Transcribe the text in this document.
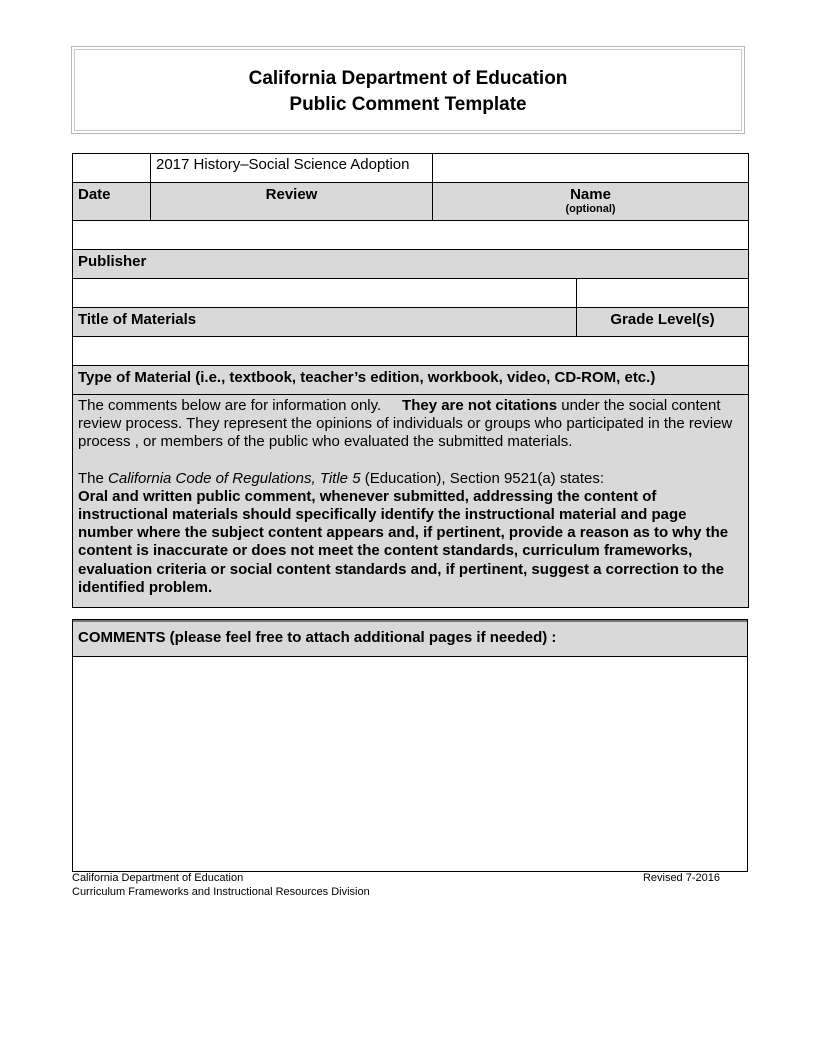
California Department of Education
Public Comment Template
	2017 History–Social Science Adoption		
Date	Review	Name
(optional)	

Publisher			

Title of Materials			Grade Level(s)

Type of Material (i.e., textbook, teacher’s edition, workbook, video, CD-ROM, etc.)			

The comments below are for information only. They are not citations under the social content review process. They represent the opinions of individuals or groups who participated in the review process , or members of the public who evaluated the submitted materials.

The California Code of Regulations, Title 5 (Education), Section 9521(a) states:

Oral and written public comment, whenever submitted, addressing the content of instructional materials should specifically identify the instructional material and page number where the subject content appears and, if pertinent, provide a reason as to why the content is inaccurate or does not meet the content standards, curriculum frameworks, evaluation criteria or social content standards and, if pertinent, suggest a correction to the identified problem.			

COMMENTS (please feel free to attach additional pages if needed) :
California Department of Education
Curriculum Frameworks and Instructional Resources Division
Revised 7-2016
